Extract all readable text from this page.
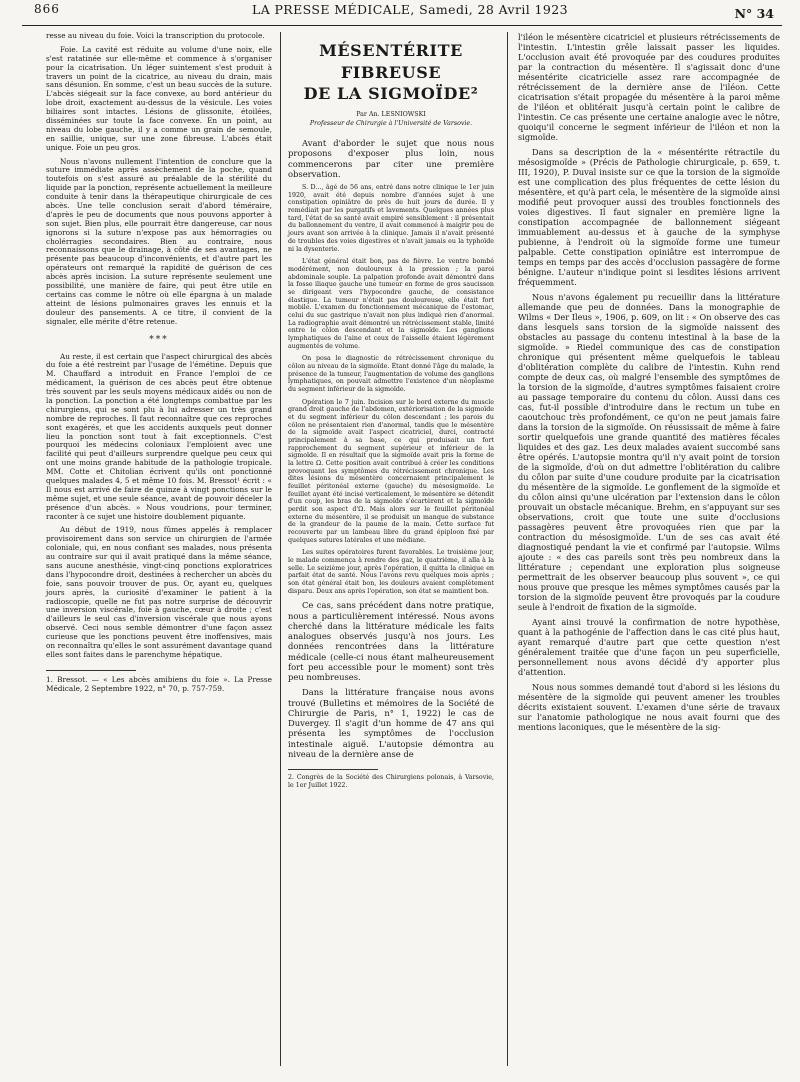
866	LA PRESSE MÉDICALE, Samedi, 28 Avril 1923	N° 34

resse au niveau du foie. Voici la transcription du protocole.

Foie. La cavité est réduite au volume d'une noix, elle s'est ratatinée sur elle-même et commence à s'organiser pour la cicatrisation. Un léger suintement s'est produit à travers un point de la cicatrice, au niveau du drain, mais sans désunion. En somme, c'est un beau succès de la suture. L'abcès siégeait sur la face convexe, au bord antérieur du lobe droit, exactement au-dessus de la vésicule. Les voies biliaires sont intactes. Lésions de glissonite, étoilées, disséminées sur toute la face convexe. En un point, au niveau du lobe gauche, il y a comme un grain de semoule, en saillie, unique, sur une zone fibreuse. L'abcès était unique. Foie un peu gros.

Nous n'avons nullement l'intention de conclure que la suture immédiate après assèchement de la poche, quand toutefois on s'est assuré au préalable de la stérilité du liquide par la ponction, représente actuellement la meilleure conduite à tenir dans la thérapeutique chirurgicale de ces abcès. Une telle conclusion serait d'abord téméraire, d'après le peu de documents que nous pouvons apporter à son sujet. Bien plus, elle pourrait être dangereuse, car nous ignorons si la suture n'expose pas aux hémorragies ou cholérragies secondaires. Bien au contraire, nous reconnaissons que le drainage, à côté de ses avantages, ne présente pas beaucoup d'inconvénients, et d'autre part les opérateurs ont remarqué la rapidité de guérison de ces abcès après incision. La suture représente seulement une possibilité, une manière de faire, qui peut être utile en certains cas comme le nôtre où elle épargna à un malade atteint de lésions pulmonaires graves les ennuis et la douleur des pansements. A ce titre, il convient de la signaler, elle mérite d'être retenue.

***

Au reste, il est certain que l'aspect chirurgical des abcès du foie a été restreint par l'usage de l'émétine. Depuis que M. Chauffard a introduit en France l'emploi de ce médicament, la guérison de ces abcès peut être obtenue très souvent par les seuls moyens médicaux aidés ou non de la ponction. La ponction a été longtemps combattue par les chirurgiens, qui se sont plu à lui adresser un très grand nombre de reproches. Il faut reconnaître que ces reproches sont exagérés, et que les accidents auxquels peut donner lieu la ponction sont tout à fait exceptionnels. C'est pourquoi les médecins coloniaux l'emploient avec une facilité qui peut d'ailleurs surprendre quelque peu ceux qui ont une moins grande habitude de la pathologie tropicale. MM. Cotte et Chitolian écrivent qu'ils ont ponctionné quelques malades 4, 5 et même 10 fois. M. Bressot¹ écrit : « Il nous est arrivé de faire de quinze à vingt ponctions sur le même sujet, et une seule séance, avant de pouvoir déceler la présence d'un abcès. » Nous voudrions, pour terminer, raconter à ce sujet une histoire doublement piquante.

Au début de 1919, nous fûmes appelés à remplacer provisoirement dans son service un chirurgien de l'armée coloniale, qui, en nous confiant ses malades, nous présenta au contraire sur qui il avait pratiqué dans la même séance, sans aucune anesthésie, vingt-cinq ponctions exploratrices dans l'hypocondre droit, destinées à rechercher un abcès du foie, sans pouvoir trouver de pus. Or, ayant eu, quelques jours après, la curiosité d'examiner le patient à la radioscopie, quelle ne fut pas notre surprise de découvrir une inversion viscérale, foie à gauche, cœur à droite ; c'est d'ailleurs le seul cas d'inversion viscérale que nous ayons observé. Ceci nous semble démontrer d'une façon assez curieuse que les ponctions peuvent être inoffensives, mais on reconnaîtra qu'elles le sont assurément davantage quand elles sont faites dans le parenchyme hépatique.

1. Bressot. — « Les abcès amibiens du foie ». La Presse Médicale, 2 Septembre 1922, n° 70, p. 757-759.

MÉSENTÉRITE FIBREUSE
DE LA SIGMOÏDE²

Par An. LESNIOWSKI

Professeur de Chirurgie à l'Université de Varsovie.

Avant d'aborder le sujet que nous nous proposons d'exposer plus loin, nous commencerons par citer une première observation.

S. D..., âgé de 56 ans, entré dans notre clinique le 1er juin 1920, avait été depuis nombre d'années sujet à une constipation opiniâtre de près de huit jours de durée. Il y remédiait par les purgatifs et lavements. Quelques années plus tard, l'état de sa santé avait empiré sensiblement : il présentait du ballonnement du ventre, il avait commencé à maigrir peu de jours avant son arrivée à la clinique. Jamais il n'avait présenté de troubles des voies digestives et n'avait jamais eu la typhoïde ni la dysenterie.

L'état général était bon, pas de fièvre. Le ventre bombé modérément, non douloureux à la pression ; la paroi abdominale souple. La palpation profonde avait démontré dans la fosse iliaque gauche une tumeur en forme de gros saucisson se dirigeant vers l'hypocondre gauche, de consistance élastique. La tumeur n'était pas douloureuse, elle était fort mobile. L'examen du fonctionnement mécanique de l'estomac, celui du suc gastrique n'avait non plus indiqué rien d'anormal. La radiographie avait démontré un rétrécissement stable, limité entre le côlon descendant et la sigmoïde. Les ganglions lymphatiques de l'aine et ceux de l'aisselle étaient légèrement augmentés de volume.

On posa le diagnostic de rétrécissement chronique du côlon au niveau de la sigmoïde. Étant donné l'âge du malade, la présence de la tumeur, l'augmentation de volume des ganglions lymphatiques, on pouvait admettre l'existence d'un néoplasme du segment inférieur de la sigmoïde.

Opération le 7 juin. Incision sur le bord externe du muscle grand droit gauche de l'abdomen, extériorisation de la sigmoïde et du segment inférieur du côlon descendant ; les parois du côlon ne présentaient rien d'anormal, tandis que le mésentère de la sigmoïde avait l'aspect cicatriciel, durci, contracté principalement à sa base, ce qui produisait un fort rapprochement du segment supérieur et inférieur de la sigmoïde. Il en résultait que la sigmoïde avait pris la forme de la lettre Ω. Cette position avait contribué à créer les conditions provoquant les symptômes du rétrécissement chronique. Les dites lésions du mésentère concernaient principalement le feuillet péritonéal externe (gauche) du mésosigmoïde. Le feuillet ayant été incisé verticalement, le mésentère se détendit d'un coup, les bras de la sigmoïde s'écartèrent et la sigmoïde perdit son aspect d'Ω. Mais alors sur le feuillet péritonéal externe du mésentère, il se produisit un manque de substance de la grandeur de la paume de la main. Cette surface fut recouverte par un lambeau libre du grand épiploon fixé par quelques sutures latérales et une médiane.

Les suites opératoires furent favorables. Le troisième jour, le malade commença à rendre des gaz, le quatrième, il alla à la selle. Le seizième jour, après l'opération, il quitta la clinique en parfait état de santé. Nous l'avons revu quelques mois après ; son état général était bon, les douleurs avaient complètement disparu. Deux ans après l'opération, son état se maintient bon.

Ce cas, sans précédent dans notre pratique, nous a particulièrement intéressé. Nous avons cherché dans la littérature médicale les faits analogues observés jusqu'à nos jours. Les données rencontrées dans la littérature médicale (celle-ci nous étant malheureusement fort peu accessible pour le moment) sont très peu nombreuses.

Dans la littérature française nous avons trouvé (Bulletins et mémoires de la Société de Chirurgie de Paris, n° 1, 1922) le cas de Duvergey. Il s'agit d'un homme de 47 ans qui présenta les symptômes de l'occlusion intestinale aiguë. L'autopsie démontra au niveau de la dernière anse de

2. Congrès de la Société des Chirurgiens polonais, à Varsovie, le 1er Juillet 1922.

l'iléon le mésentère cicatriciel et plusieurs rétrécissements de l'intestin. L'intestin grêle laissait passer les liquides. L'occlusion avait été provoquée par des coudures produites par la contraction du mésentère. Il s'agissait donc d'une mésentérite cicatricielle assez rare accompagnée de rétrécissement de la dernière anse de l'iléon. Cette cicatrisation s'était propagée du mésentère à la paroi même de l'iléon et oblitérait jusqu'à certain point le calibre de l'intestin. Ce cas présente une certaine analogie avec le nôtre, quoiqu'il concerne le segment inférieur de l'iléon et non la sigmoïde.

Dans sa description de la « mésentérite rétractile du mésosigmoïde » (Précis de Pathologie chirurgicale, p. 659, t. III, 1920), P. Duval insiste sur ce que la torsion de la sigmoïde est une complication des plus fréquentes de cette lésion du mésentère, et qu'à part cela, le mésentère de la sigmoïde ainsi modifié peut provoquer aussi des troubles fonctionnels des voies digestives. Il faut signaler en première ligne la constipation accompagnée de ballonnement siégeant immuablement au-dessus et à gauche de la symphyse pubienne, à l'endroit où la sigmoïde forme une tumeur palpable. Cette constipation opiniâtre est interrompue de temps en temps par des accès d'occlusion passagère de forme bénigne. L'auteur n'indique point si lesdites lésions arrivent fréquemment.

Nous n'avons également pu recueillir dans la littérature allemande que peu de données. Dans la monographie de Wilms « Der Ileus », 1906, p. 609, on lit : « On observe des cas dans lesquels sans torsion de la sigmoïde naissent des obstacles au passage du contenu intestinal à la base de la sigmoïde. » Riedel communique des cas de constipation chronique qui présentent même quelquefois le tableau d'oblitération complète du calibre de l'intestin. Kuhn rend compte de deux cas, où malgré l'ensemble des symptômes de la torsion de la sigmoïde, d'autres symptômes faisaient croire au passage temporaire du contenu du côlon. Aussi dans ces cas, fut-il possible d'introduire dans le rectum un tube en caoutchouc très profondément, ce qu'on ne peut jamais faire dans la torsion de la sigmoïde. On réussissait de même à faire sortir quelquefois une grande quantité des matières fécales liquides et des gaz. Les deux malades avaient succombé sans être opérés. L'autopsie montra qu'il n'y avait point de torsion de la sigmoïde, d'où on dut admettre l'oblitération du calibre du côlon par suite d'une coudure produite par la cicatrisation du mésentère de la sigmoïde. Le gonflement de la sigmoïde et du côlon ainsi qu'une ulcération par l'extension dans le côlon prouvait un obstacle mécanique. Brehm, en s'appuyant sur ses observations, croit que toute une suite d'occlusions passagères peuvent être provoquées rien que par la contraction du mésosigmoïde. L'un de ses cas avait été diagnostiqué pendant la vie et confirmé par l'autopsie. Wilms ajoute : « des cas pareils sont très peu nombreux dans la littérature ; cependant une exploration plus soigneuse permettrait de les observer beaucoup plus souvent », ce qui nous prouve que presque les mêmes symptômes causés par la torsion de la sigmoïde peuvent être provoqués par la coudure seule à l'endroit de fixation de la sigmoïde.

Ayant ainsi trouvé la confirmation de notre hypothèse, quant à la pathogénie de l'affection dans le cas cité plus haut, ayant remarqué d'autre part que cette question n'est généralement traitée que d'une façon un peu superficielle, personnellement nous avons décidé d'y apporter plus d'attention.

Nous nous sommes demandé tout d'abord si les lésions du mésentère de la sigmoïde qui peuvent amener les troubles décrits existaient souvent. L'examen d'une série de travaux sur l'anatomie pathologique ne nous avait fourni que des mentions laconiques, que le mésentère de la sig-
